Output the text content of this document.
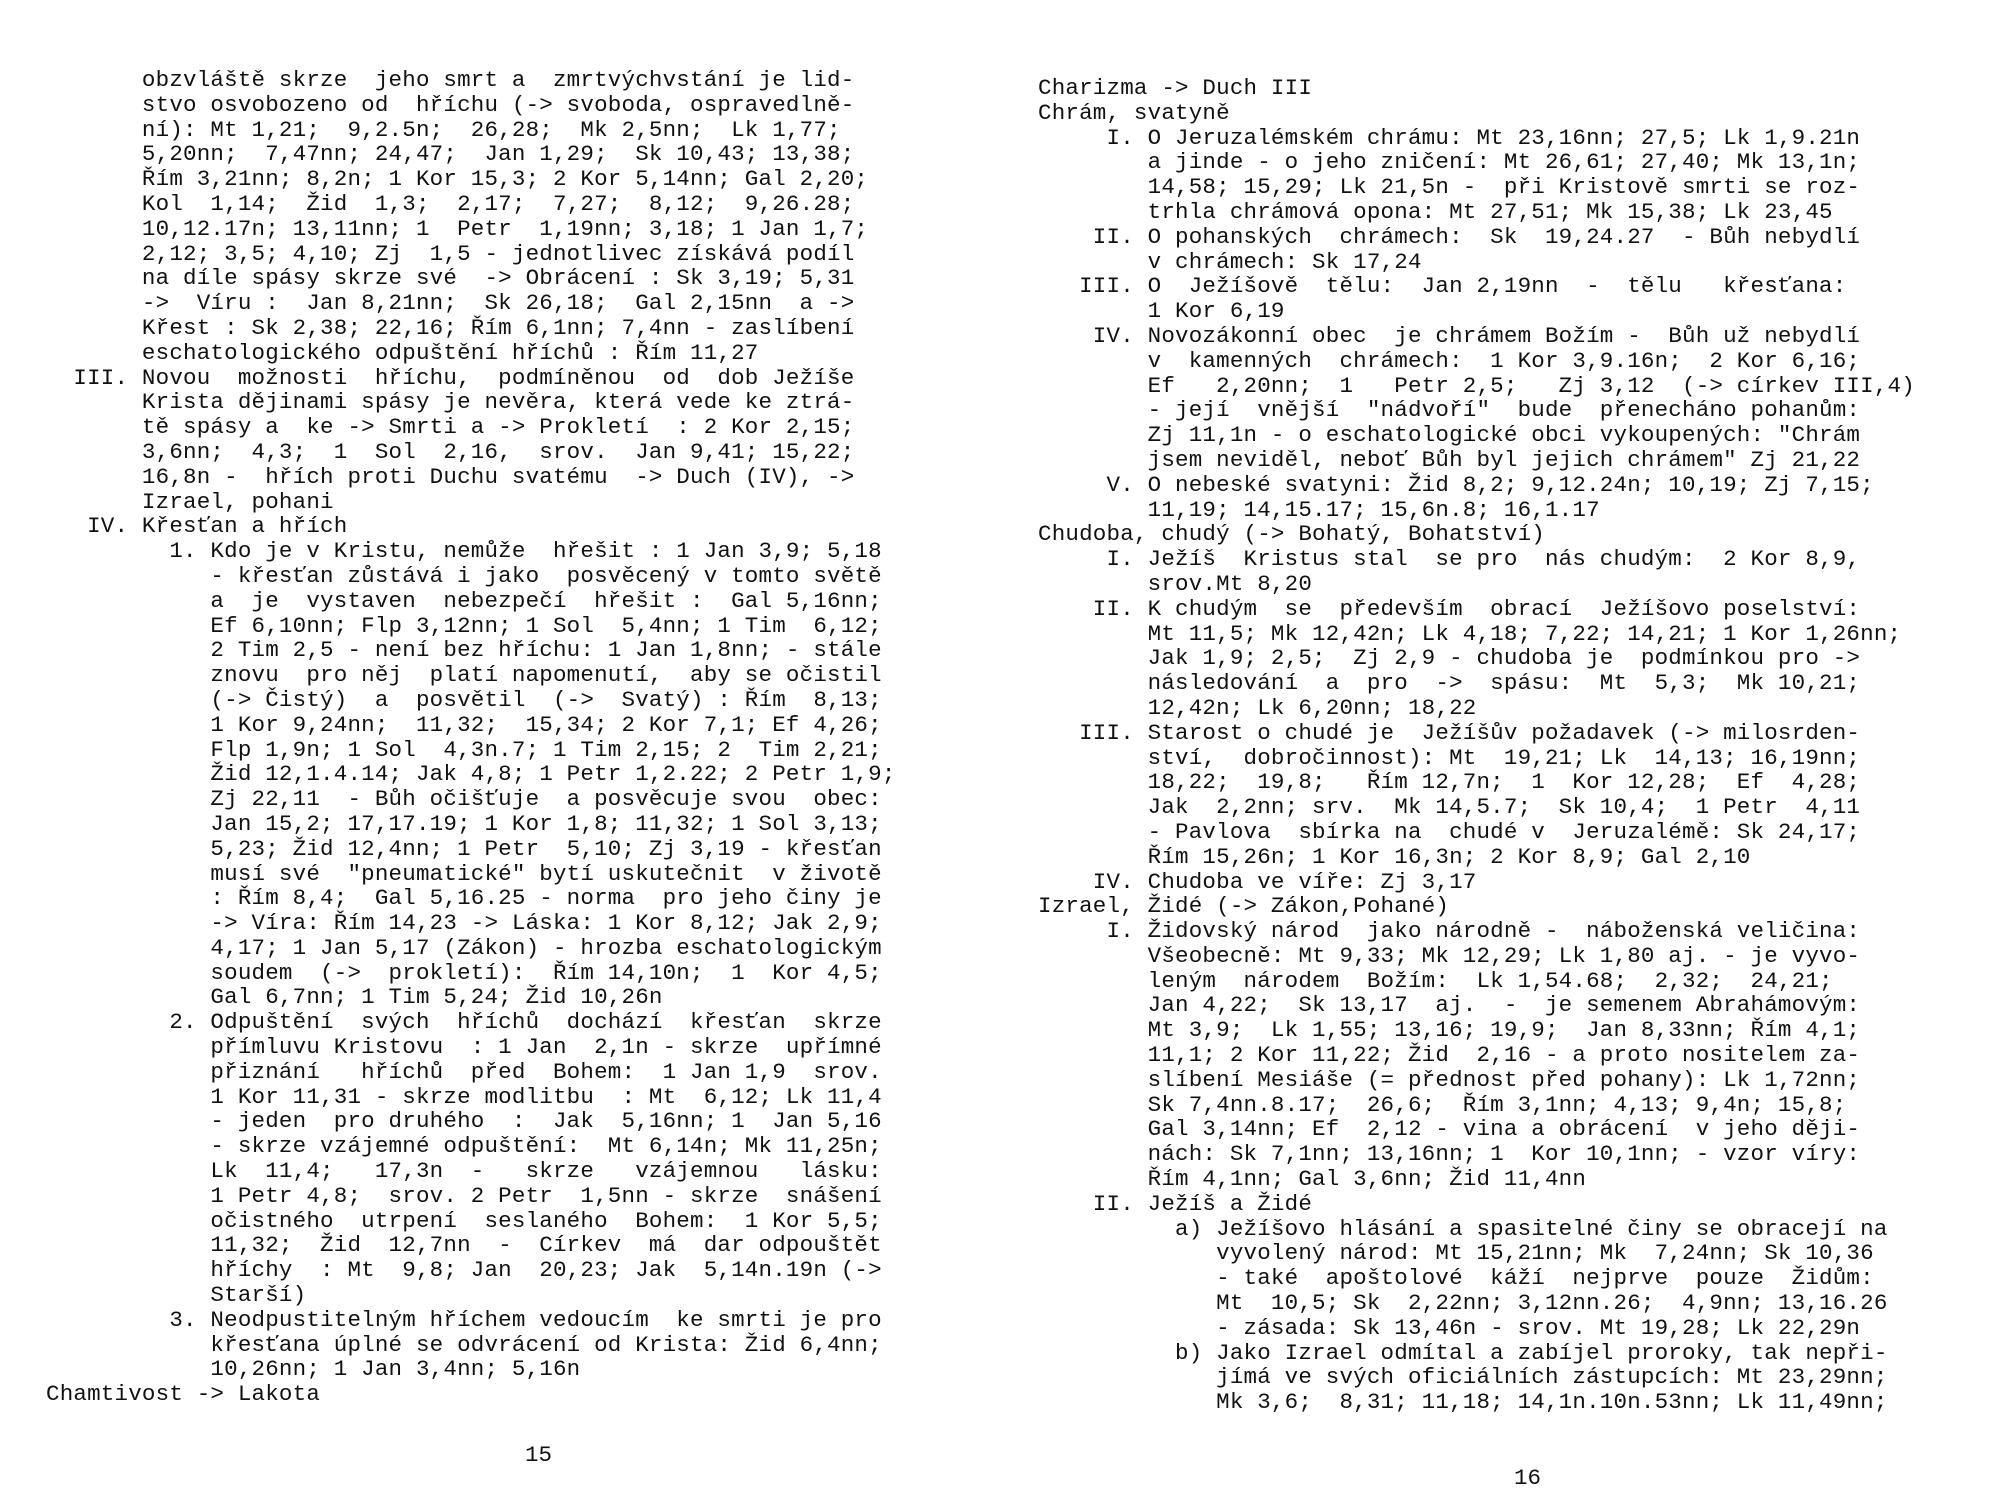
obzvláště skrze  jeho smrt a  zmrtvýchvstání je lid-
stvo osvobozeno od  hříchu (-> svoboda, ospravedlně-
ní): Mt 1,21;  9,2.5n;  26,28;  Mk 2,5nn;  Lk 1,77;
5,20nn;  7,47nn; 24,47;  Jan 1,29;  Sk 10,43; 13,38;
Řím 3,21nn; 8,2n; 1 Kor 15,3; 2 Kor 5,14nn; Gal 2,20;
Kol  1,14;  Žid  1,3;  2,17;  7,27;  8,12;  9,26.28;
10,12.17n; 13,11nn; 1  Petr  1,19nn; 3,18; 1 Jan 1,7;
2,12; 3,5; 4,10; Zj  1,5 - jednotlivec získává podíl
na díle spásy skrze své  -> Obrácení : Sk 3,19; 5,31
->  Víru :  Jan 8,21nn;  Sk 26,18;  Gal 2,15nn  a ->
Křest : Sk 2,38; 22,16; Řím 6,1nn; 7,4nn - zaslíbení
eschatologického odpuštění hříchů : Řím 11,27
III. Novou  možnosti  hříchu,  podmíněnou  od  dob Ježíše
Krista dějinami spásy je nevěra, která vede ke ztrá-
tě spásy a  ke -> Smrti a -> Prokletí  : 2 Kor 2,15;
3,6nn;  4,3;  1  Sol  2,16,  srov.  Jan 9,41; 15,22;
16,8n -  hřích proti Duchu svatému  -> Duch (IV), ->
Izrael, pohani
IV. Křesťan a hřích
1. Kdo je v Kristu, nemůže  hřešit : 1 Jan 3,9; 5,18
- křesťan zůstává i jako  posvěcený v tomto světě
a  je  vystaven  nebezpečí  hřešit :  Gal 5,16nn;
Ef 6,10nn; Flp 3,12nn; 1 Sol  5,4nn; 1 Tim  6,12;
2 Tim 2,5 - není bez hříchu: 1 Jan 1,8nn; - stále
znovu  pro něj  platí napomenutí,  aby se očistil
(-> Čistý)  a  posvětil  (->  Svatý) : Řím  8,13;
1 Kor 9,24nn;  11,32;  15,34; 2 Kor 7,1; Ef 4,26;
Flp 1,9n; 1 Sol  4,3n.7; 1 Tim 2,15; 2  Tim 2,21;
Žid 12,1.4.14; Jak 4,8; 1 Petr 1,2.22; 2 Petr 1,9;
Zj 22,11  - Bůh očišťuje  a posvěcuje svou  obec:
Jan 15,2; 17,17.19; 1 Kor 1,8; 11,32; 1 Sol 3,13;
5,23; Žid 12,4nn; 1 Petr  5,10; Zj 3,19 - křesťan
musí své  "pneumatické" bytí uskutečnit  v životě
: Řím 8,4;  Gal 5,16.25 - norma  pro jeho činy je
-> Víra: Řím 14,23 -> Láska: 1 Kor 8,12; Jak 2,9;
4,17; 1 Jan 5,17 (Zákon) - hrozba eschatologickým
soudem  (->  prokletí):  Řím 14,10n;  1  Kor 4,5;
Gal 6,7nn; 1 Tim 5,24; Žid 10,26n
2. Odpuštění  svých  hříchů  dochází  křesťan  skrze
přímluvu Kristovu  : 1 Jan  2,1n - skrze  upřímné
přiznání   hříchů  před  Bohem:  1 Jan 1,9  srov.
1 Kor 11,31 - skrze modlitbu  : Mt  6,12; Lk 11,4
- jeden  pro druhého  :  Jak  5,16nn; 1  Jan 5,16
- skrze vzájemné odpuštění:  Mt 6,14n; Mk 11,25n;
Lk  11,4;   17,3n  -   skrze   vzájemnou   lásku:
1 Petr 4,8;  srov. 2 Petr  1,5nn - skrze  snášení
očistného  utrpení  seslaného  Bohem:  1 Kor 5,5;
11,32;  Žid  12,7nn  -  Církev  má  dar odpouštět
hříchy  : Mt  9,8; Jan  20,23; Jak  5,14n.19n (->
Starší)
3. Neodpustitelným hříchem vedoucím  ke smrti je pro
křesťana úplné se odvrácení od Krista: Žid 6,4nn;
10,26nn; 1 Jan 3,4nn; 5,16n
Chamtivost -> Lakota
15
Charizma -> Duch III
Chrám, svatyně
I. O Jeruzalémském chrámu: Mt 23,16nn; 27,5; Lk 1,9.21n
a jinde - o jeho zničení: Mt 26,61; 27,40; Mk 13,1n;
14,58; 15,29; Lk 21,5n -  při Kristově smrti se roz-
trhla chrámová opona: Mt 27,51; Mk 15,38; Lk 23,45
II. O pohanských  chrámech:  Sk  19,24.27  - Bůh nebydlí
v chrámech: Sk 17,24
III. O  Ježíšově  tělu:  Jan 2,19nn  -  tělu   křesťana:
1 Kor 6,19
IV. Novozákonní obec  je chrámem Božím -  Bůh už nebydlí
v  kamenných  chrámech:  1 Kor 3,9.16n;  2 Kor 6,16;
Ef   2,20nn;  1   Petr 2,5;   Zj 3,12  (-> církev III,4)
- její  vnější  "nádvoří"  bude  přenecháno pohanům:
Zj 11,1n - o eschatologické obci vykoupených: "Chrám
jsem neviděl, neboť Bůh byl jejich chrámem" Zj 21,22
V. O nebeské svatyni: Žid 8,2; 9,12.24n; 10,19; Zj 7,15;
11,19; 14,15.17; 15,6n.8; 16,1.17
Chudoba, chudý (-> Bohatý, Bohatství)
I. Ježíš  Kristus stal  se pro  nás chudým:  2 Kor 8,9,
srov.Mt 8,20
II. K chudým  se  především  obrací  Ježíšovo poselství:
Mt 11,5; Mk 12,42n; Lk 4,18; 7,22; 14,21; 1 Kor 1,26nn;
Jak 1,9; 2,5;  Zj 2,9 - chudoba je  podmínkou pro ->
následování  a  pro  ->  spásu:  Mt  5,3;  Mk 10,21;
12,42n; Lk 6,20nn; 18,22
III. Starost o chudé je  Ježíšův požadavek (-> milosrden-
ství,  dobročinnost): Mt  19,21; Lk  14,13; 16,19nn;
18,22;  19,8;   Řím 12,7n;  1  Kor 12,28;  Ef  4,28;
Jak  2,2nn; srv.  Mk 14,5.7;  Sk 10,4;  1 Petr  4,11
- Pavlova  sbírka na  chudé v  Jeruzalémě: Sk 24,17;
Řím 15,26n; 1 Kor 16,3n; 2 Kor 8,9; Gal 2,10
IV. Chudoba ve víře: Zj 3,17
Izrael, Židé (-> Zákon,Pohané)
I. Židovský národ  jako národně -  náboženská veličina:
Všeobecně: Mt 9,33; Mk 12,29; Lk 1,80 aj. - je vyvo-
leným  národem  Božím:  Lk 1,54.68;  2,32;  24,21;
Jan 4,22;  Sk 13,17  aj.  -  je semenem Abrahámovým:
Mt 3,9;  Lk 1,55; 13,16; 19,9;  Jan 8,33nn; Řím 4,1;
11,1; 2 Kor 11,22; Žid  2,16 - a proto nositelem za-
slíbení Mesiáše (= přednost před pohany): Lk 1,72nn;
Sk 7,4nn.8.17;  26,6;  Řím 3,1nn; 4,13; 9,4n; 15,8;
Gal 3,14nn; Ef  2,12 - vina a obrácení  v jeho ději-
nách: Sk 7,1nn; 13,16nn; 1  Kor 10,1nn; - vzor víry:
Řím 4,1nn; Gal 3,6nn; Žid 11,4nn
II. Ježíš a Židé
a) Ježíšovo hlásání a spasitelné činy se obracejí na
vyvolený národ: Mt 15,21nn; Mk  7,24nn; Sk 10,36
- také  apoštolové  káží  nejprve  pouze  Židům:
Mt  10,5; Sk  2,22nn; 3,12nn.26;  4,9nn; 13,16.26
- zásada: Sk 13,46n - srov. Mt 19,28; Lk 22,29n
b) Jako Izrael odmítal a zabíjel proroky, tak nepři-
jímá ve svých oficiálních zástupcích: Mt 23,29nn;
Mk 3,6;  8,31; 11,18; 14,1n.10n.53nn; Lk 11,49nn;
16
